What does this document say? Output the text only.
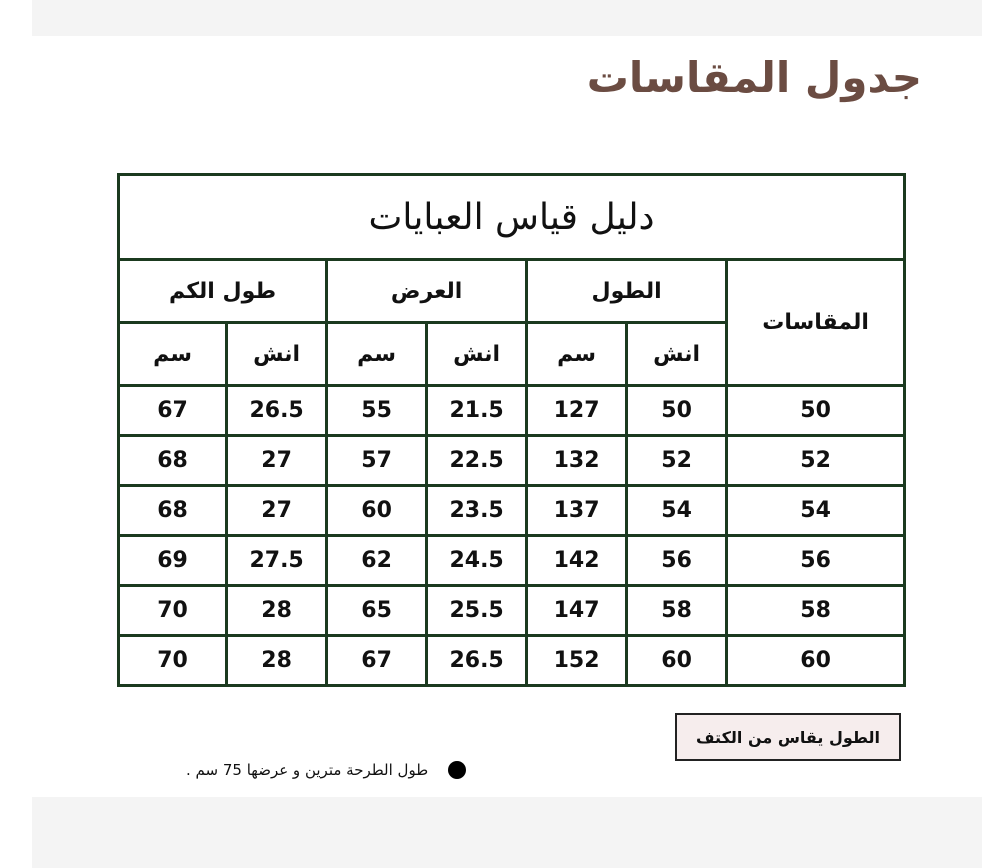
جدول المقاسات
دليل قياس العبايات						
المقاسات	الطول		العرض		طول الكم	
	انش	سم	انش	سم	انش	سم
50	50	127	21.5	55	26.5	67
52	52	132	22.5	57	27	68
54	54	137	23.5	60	27	68
56	56	142	24.5	62	27.5	69
58	58	147	25.5	65	28	70
60	60	152	26.5	67	28	70
الطول يقاس من الكتف
طول الطرحة مترين و عرضها 75 سم .
